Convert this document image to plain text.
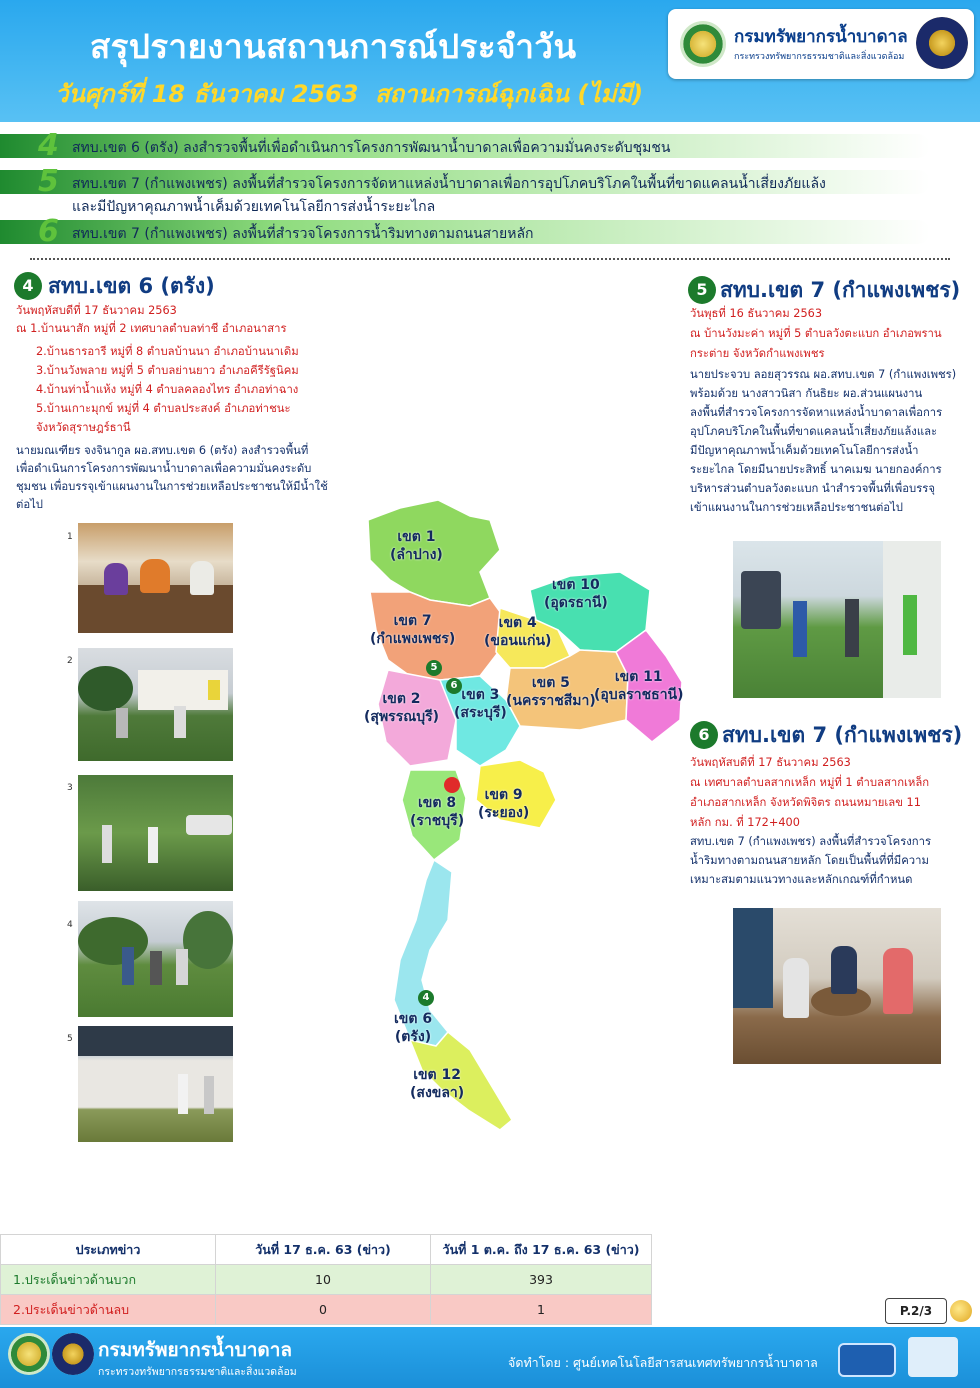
สรุปรายงานสถานการณ์ประจำวัน
วันศุกร์ที่ 18 ธันวาคม 2563 สถานการณ์ฉุกเฉิน (ไม่มี)
กรมทรัพยากรน้ำบาดาล
กระทรวงทรัพยากรธรรมชาติและสิ่งแวดล้อม
4 สทบ.เขต 6 (ตรัง) ลงสำรวจพื้นที่เพื่อดำเนินการโครงการพัฒนาน้ำบาดาลเพื่อความมั่นคงระดับชุมชน
5 สทบ.เขต 7 (กำแพงเพชร) ลงพื้นที่สำรวจโครงการจัดหาแหล่งน้ำบาดาลเพื่อการอุปโภคบริโภคในพื้นที่ขาดแคลนน้ำเสี่ยงภัยแล้ง
และมีปัญหาคุณภาพน้ำเค็มด้วยเทคโนโลยีการส่งน้ำระยะไกล
6 สทบ.เขต 7 (กำแพงเพชร) ลงพื้นที่สำรวจโครงการน้ำริมทางตามถนนสายหลัก
4 สทบ.เขต 6 (ตรัง)
วันพฤหัสบดีที่ 17 ธันวาคม 2563
ณ 1.บ้านนาสัก หมู่ที่ 2 เทศบาลตำบลท่าชี อำเภอนาสาร
2.บ้านธารอารี หมู่ที่ 8 ตำบลบ้านนา อำเภอบ้านนาเดิม
3.บ้านวังพลาย หมู่ที่ 5 ตำบลย่านยาว อำเภอคีรีรัฐนิคม
4.บ้านท่าน้ำแห้ง หมู่ที่ 4 ตำบลคลองไทร อำเภอท่าฉาง
5.บ้านเกาะมุกข์ หมู่ที่ 4 ตำบลประสงค์ อำเภอท่าชนะ
จังหวัดสุราษฎร์ธานี
นายมณเฑียร จงจินากูล ผอ.สทบ.เขต 6 (ตรัง) ลงสำรวจพื้นที่
เพื่อดำเนินการโครงการพัฒนาน้ำบาดาลเพื่อความมั่นคงระดับ
ชุมชน เพื่อบรรจุเข้าแผนงานในการช่วยเหลือประชาชนให้มีน้ำใช้
ต่อไป
1
2
3
4
5
เขต 1
(ลำปาง)
เขต 7
(กำแพงเพชร)
เขต 10
(อุดรธานี)
เขต 4
(ขอนแก่น)
เขต 2
(สุพรรณบุรี)
เขต 3
(สระบุรี)
เขต 5
(นครราชสีมา)
เขต 11
(อุบลราชธานี)
เขต 8
(ราชบุรี)
เขต 9
(ระยอง)
เขต 6
(ตรัง)
เขต 12
(สงขลา)
5
6
4
5 สทบ.เขต 7 (กำแพงเพชร)
วันพุธที่ 16 ธันวาคม 2563
ณ บ้านวังมะค่า หมู่ที่ 5 ตำบลวังตะแบก อำเภอพราน
กระต่าย จังหวัดกำแพงเพชร
นายประจวบ ลอยสุวรรณ ผอ.สทบ.เขต 7 (กำแพงเพชร)
พร้อมด้วย นางสาวนิสา กันธิยะ ผอ.ส่วนแผนงาน
ลงพื้นที่สำรวจโครงการจัดหาแหล่งน้ำบาดาลเพื่อการ
อุปโภคบริโภคในพื้นที่ขาดแคลนน้ำเสี่ยงภัยแล้งและ
มีปัญหาคุณภาพน้ำเค็มด้วยเทคโนโลยีการส่งน้ำ
ระยะไกล โดยมีนายประสิทธิ์ นาคเมฆ นายกองค์การ
บริหารส่วนตำบลวังตะแบก นำสำรวจพื้นที่เพื่อบรรจุ
เข้าแผนงานในการช่วยเหลือประชาชนต่อไป
6 สทบ.เขต 7 (กำแพงเพชร)
วันพฤหัสบดีที่ 17 ธันวาคม 2563
ณ เทศบาลตำบลสากเหล็ก หมู่ที่ 1 ตำบลสากเหล็ก
อำเภอสากเหล็ก จังหวัดพิจิตร ถนนหมายเลข 11
หลัก กม. ที่ 172+400
สทบ.เขต 7 (กำแพงเพชร) ลงพื้นที่สำรวจโครงการ
น้ำริมทางตามถนนสายหลัก โดยเป็นพื้นที่ที่มีความ
เหมาะสมตามแนวทางและหลักเกณฑ์ที่กำหนด
ประเภทข่าว	วันที่ 17 ธ.ค. 63 (ข่าว)	วันที่ 1 ต.ค. ถึง 17 ธ.ค. 63 (ข่าว)
1.ประเด็นข่าวด้านบวก	10	393
2.ประเด็นข่าวด้านลบ	0	1	P.2/3
กรมทรัพยากรน้ำบาดาล
กระทรวงทรัพยากรธรรมชาติและสิ่งแวดล้อม
จัดทำโดย : ศูนย์เทคโนโลยีสารสนเทศทรัพยากรน้ำบาดาล
